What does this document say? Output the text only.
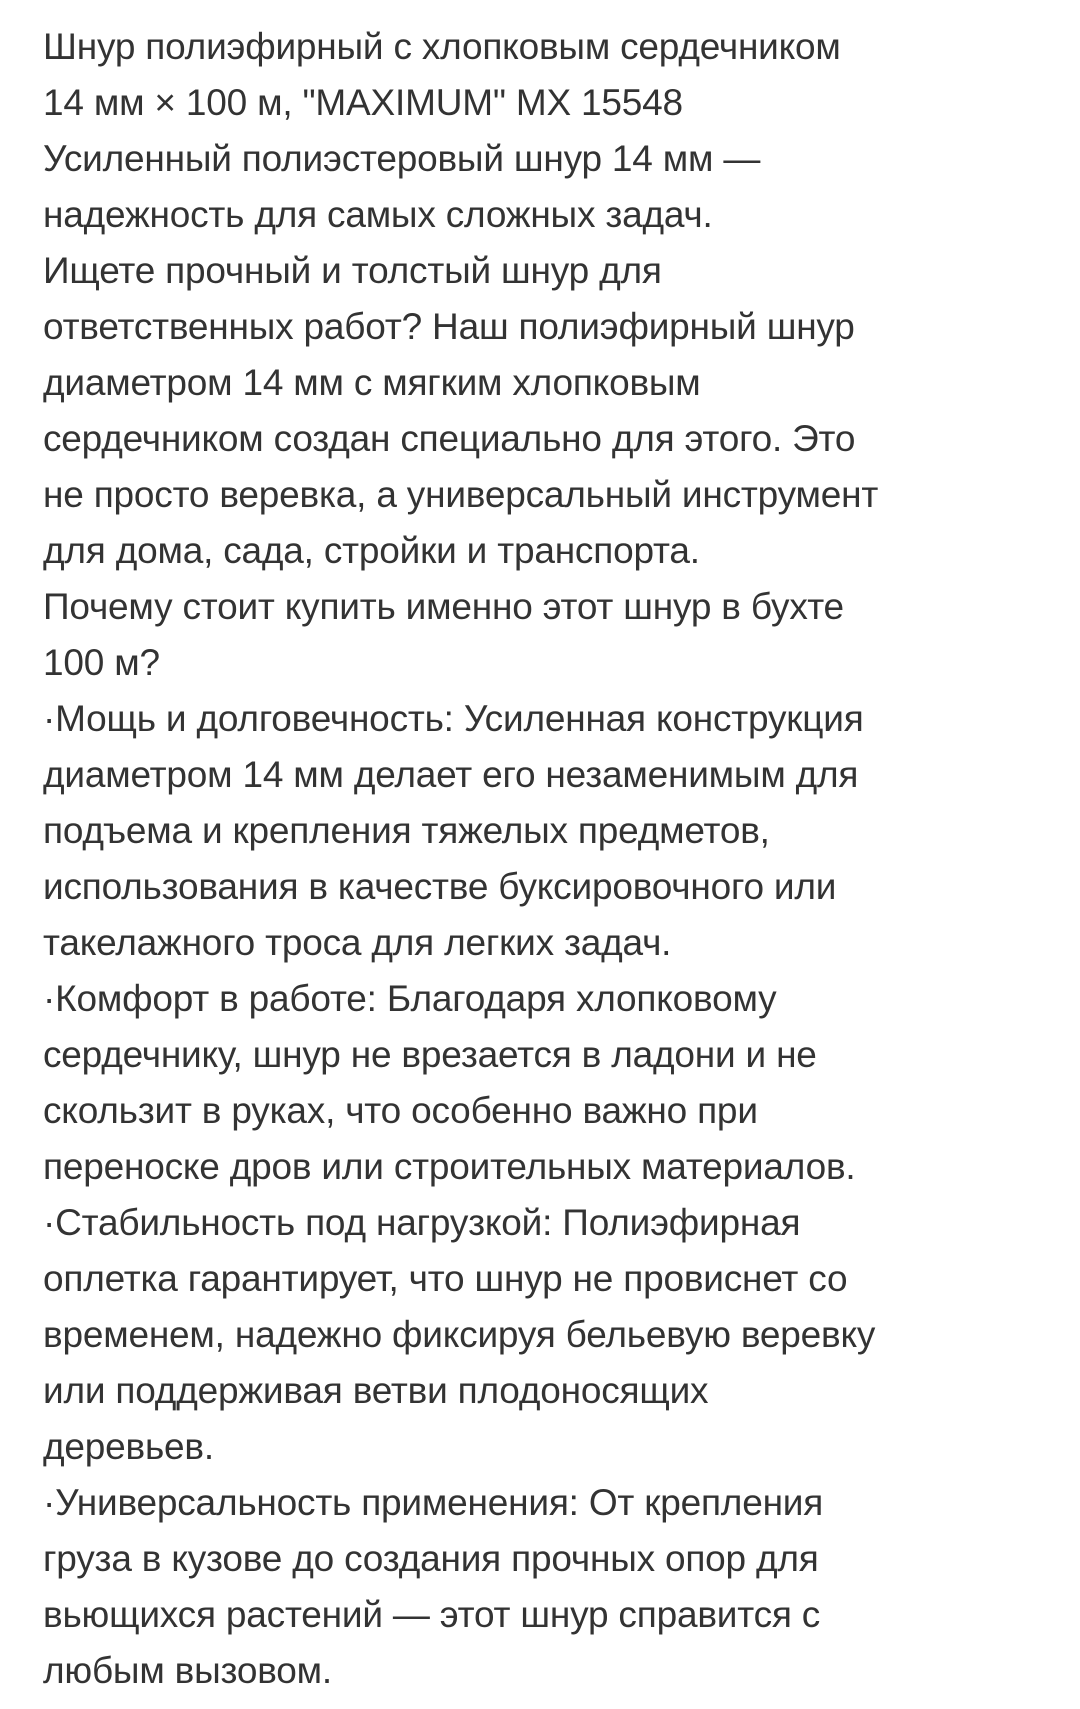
Шнур полиэфирный с хлопковым сердечником
14 мм × 100 м, "MAXIMUM" МХ 15548
Усиленный полиэстеровый шнур 14 мм —
надежность для самых сложных задач.
Ищете прочный и толстый шнур для
ответственных работ? Наш полиэфирный шнур
диаметром 14 мм с мягким хлопковым
сердечником создан специально для этого. Это
не просто веревка, а универсальный инструмент
для дома, сада, стройки и транспорта.
Почему стоит купить именно этот шнур в бухте
100 м?
·Мощь и долговечность: Усиленная конструкция
диаметром 14 мм делает его незаменимым для
подъема и крепления тяжелых предметов,
использования в качестве буксировочного или
такелажного троса для легких задач.
·Комфорт в работе: Благодаря хлопковому
сердечнику, шнур не врезается в ладони и не
скользит в руках, что особенно важно при
переноске дров или строительных материалов.
·Стабильность под нагрузкой: Полиэфирная
оплетка гарантирует, что шнур не провиснет со
временем, надежно фиксируя бельевую веревку
или поддерживая ветви плодоносящих
деревьев.
·Универсальность применения: От крепления
груза в кузове до создания прочных опор для
вьющихся растений — этот шнур справится с
любым вызовом.
